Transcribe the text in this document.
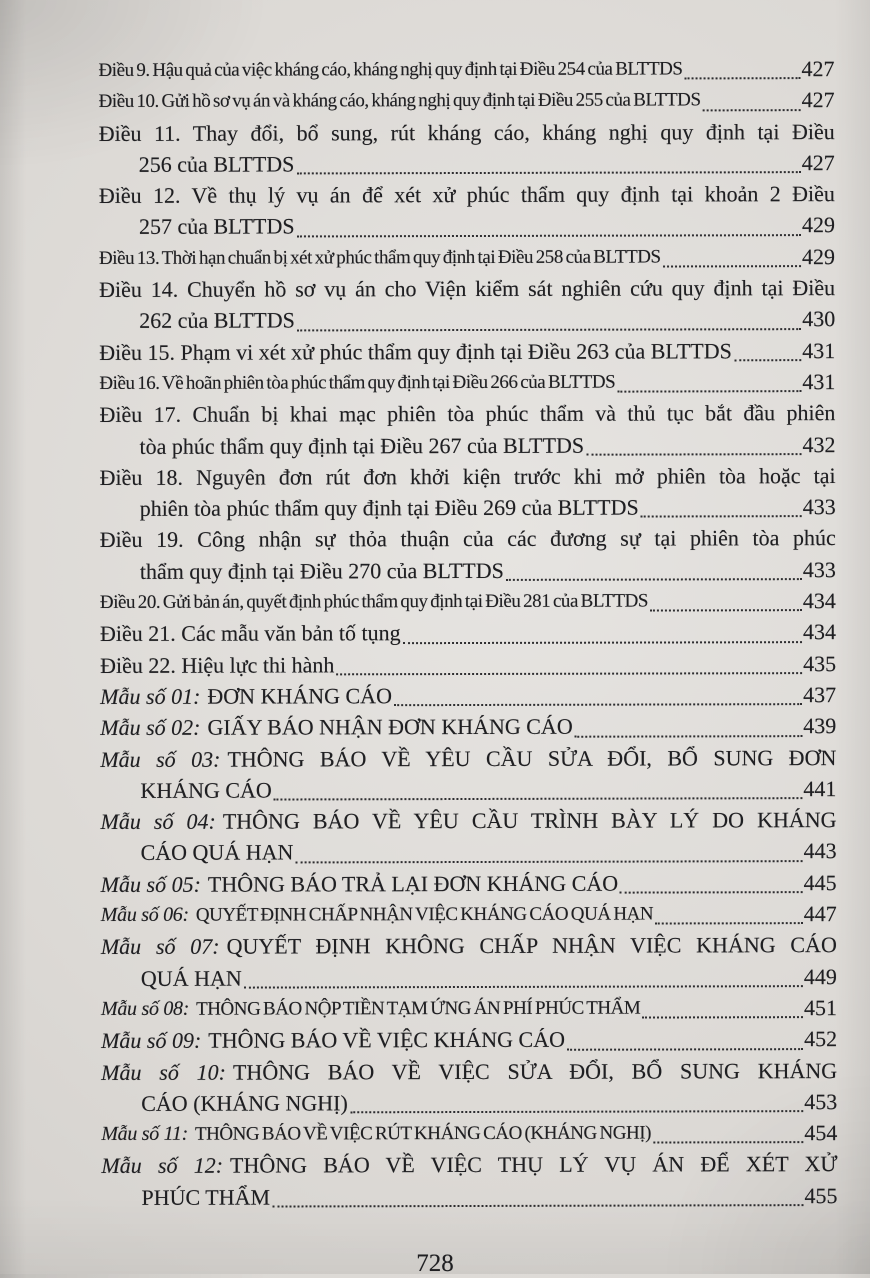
Điều 9. Hậu quả của việc kháng cáo, kháng nghị quy định tại Điều 254 của BLTTDS	427
Điều 10. Gửi hồ sơ vụ án và kháng cáo, kháng nghị quy định tại Điều 255 của BLTTDS	427
Điều 11. Thay đổi, bổ sung, rút kháng cáo, kháng nghị quy định tại Điều
256 của BLTTDS	427
Điều 12. Về thụ lý vụ án để xét xử phúc thẩm quy định tại khoản 2 Điều
257 của BLTTDS	429
Điều 13. Thời hạn chuẩn bị xét xử phúc thẩm quy định tại Điều 258 của BLTTDS	429
Điều 14. Chuyển hồ sơ vụ án cho Viện kiểm sát nghiên cứu quy định tại Điều
262 của BLTTDS	430
Điều 15. Phạm vi xét xử phúc thẩm quy định tại Điều 263 của BLTTDS	431
Điều 16. Về hoãn phiên tòa phúc thẩm quy định tại Điều 266 của BLTTDS	431
Điều 17. Chuẩn bị khai mạc phiên tòa phúc thẩm và thủ tục bắt đầu phiên
tòa phúc thẩm quy định tại Điều 267 của BLTTDS	432
Điều 18. Nguyên đơn rút đơn khởi kiện trước khi mở phiên tòa hoặc tại
phiên tòa phúc thẩm quy định tại Điều 269 của BLTTDS	433
Điều 19. Công nhận sự thỏa thuận của các đương sự tại phiên tòa phúc
thẩm quy định tại Điều 270 của BLTTDS	433
Điều 20. Gửi bản án, quyết định phúc thẩm quy định tại Điều 281 của BLTTDS	434
Điều 21. Các mẫu văn bản tố tụng	434
Điều 22. Hiệu lực thi hành	435
Mẫu số 01: ĐƠN KHÁNG CÁO	437
Mẫu số 02: GIẤY BÁO NHẬN ĐƠN KHÁNG CÁO	439
Mẫu số 03: THÔNG BÁO VỀ YÊU CẦU SỬA ĐỔI, BỔ SUNG ĐƠN
KHÁNG CÁO	441
Mẫu số 04: THÔNG BÁO VỀ YÊU CẦU TRÌNH BÀY LÝ DO KHÁNG
CÁO QUÁ HẠN	443
Mẫu số 05: THÔNG BÁO TRẢ LẠI ĐƠN KHÁNG CÁO	445
Mẫu số 06: QUYẾT ĐỊNH CHẤP NHẬN VIỆC KHÁNG CÁO QUÁ HẠN	447
Mẫu số 07: QUYẾT ĐỊNH KHÔNG CHẤP NHẬN VIỆC KHÁNG CÁO
QUÁ HẠN	449
Mẫu số 08: THÔNG BÁO NỘP TIỀN TẠM ỨNG ÁN PHÍ PHÚC THẨM	451
Mẫu số 09: THÔNG BÁO VỀ VIỆC KHÁNG CÁO	452
Mẫu số 10: THÔNG BÁO VỀ VIỆC SỬA ĐỔI, BỔ SUNG KHÁNG
CÁO (KHÁNG NGHỊ)	453
Mẫu số 11: THÔNG BÁO VỀ VIỆC RÚT KHÁNG CÁO (KHÁNG NGHỊ)	454
Mẫu số 12: THÔNG BÁO VỀ VIỆC THỤ LÝ VỤ ÁN ĐỂ XÉT XỬ
PHÚC THẨM	455
728
